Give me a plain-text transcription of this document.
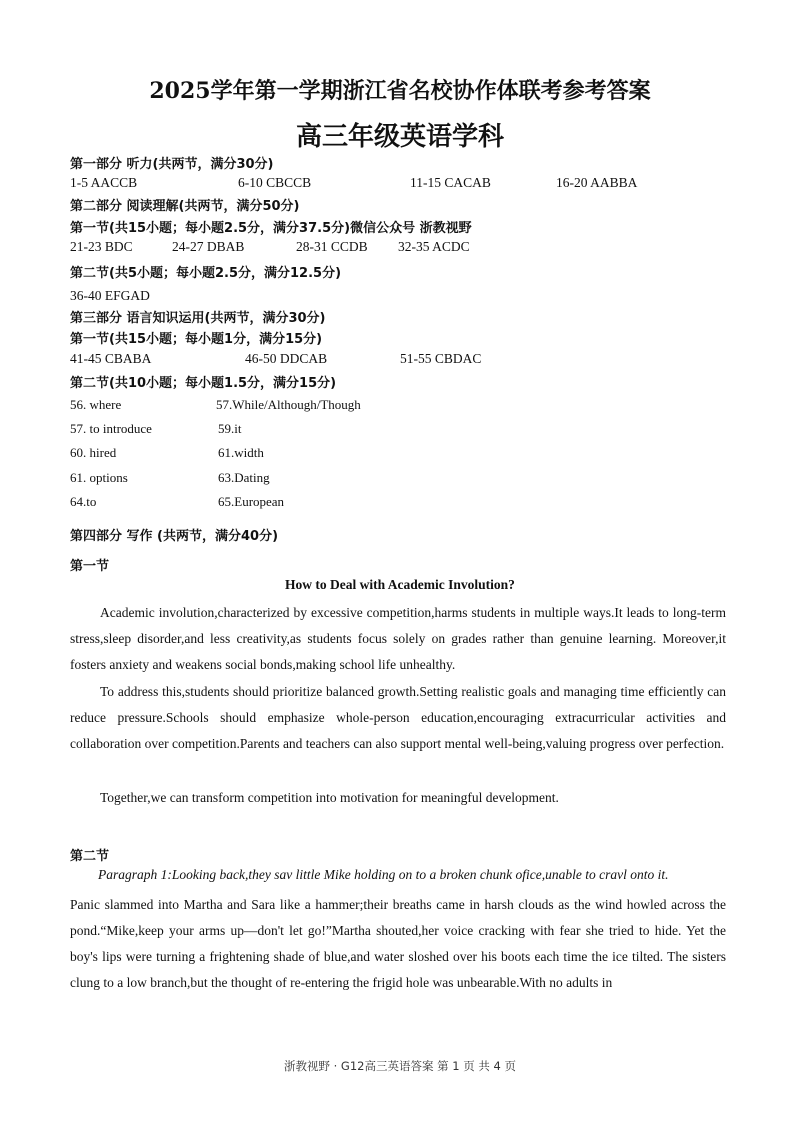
2025学年第一学期浙江省名校协作体联考参考答案
高三年级英语学科
第一部分 听力(共两节，满分30分)
1-5 AACCB	6-10 CBCCB	11-15 CACAB	16-20 AABBA
第二部分 阅读理解(共两节，满分50分)
第一节(共15小题；每小题2.5分，满分37.5分)微信公众号 浙教视野
21-23 BDC	24-27 DBAB	28-31 CCDB 32-35 ACDC
第二节(共5小题；每小题2.5分，满分12.5分)
36-40 EFGAD
第三部分 语言知识运用(共两节，满分30分)
第一节(共15小题；每小题1分，满分15分)
41-45 CBABA	46-50 DDCAB	51-55 CBDAC
第二节(共10小题；每小题1.5分，满分15分)
56. where	57.While/Although/Though
57. to introduce	59.it
60. hired	61.width
61. options	63.Dating
64.to	65.European
第四部分 写作 (共两节，满分40分)
第一节
How to Deal with Academic Involution?
Academic involution,characterized by excessive competition,harms students in multiple ways.It leads to long-term stress,sleep disorder,and less creativity,as students focus solely on grades rather than genuine learning. Moreover,it fosters anxiety and weakens social bonds,making school life unhealthy.
To address this,students should prioritize balanced growth.Setting realistic goals and managing time efficiently can reduce pressure.Schools should emphasize whole-person education,encouraging extracurricular activities and collaboration over competition.Parents and teachers can also support mental well-being,valuing progress over perfection.
Together,we can transform competition into motivation for meaningful development.
第二节
Paragraph 1:Looking back,they sav little Mike holding on to a broken chunk ofice,unable to cravl onto it.
Panic slammed into Martha and Sara like a hammer;their breaths came in harsh clouds as the wind howled across the pond.“Mike,keep your arms up—don't let go!”Martha shouted,her voice cracking with fear she tried to hide. Yet the boy's lips were turning a frightening shade of blue,and water sloshed over his boots each time the ice tilted. The sisters clung to a low branch,but the thought of re-entering the frigid hole was unbearable.With no adults in
浙教视野 · G12高三英语答案 第 1 页 共 4 页
